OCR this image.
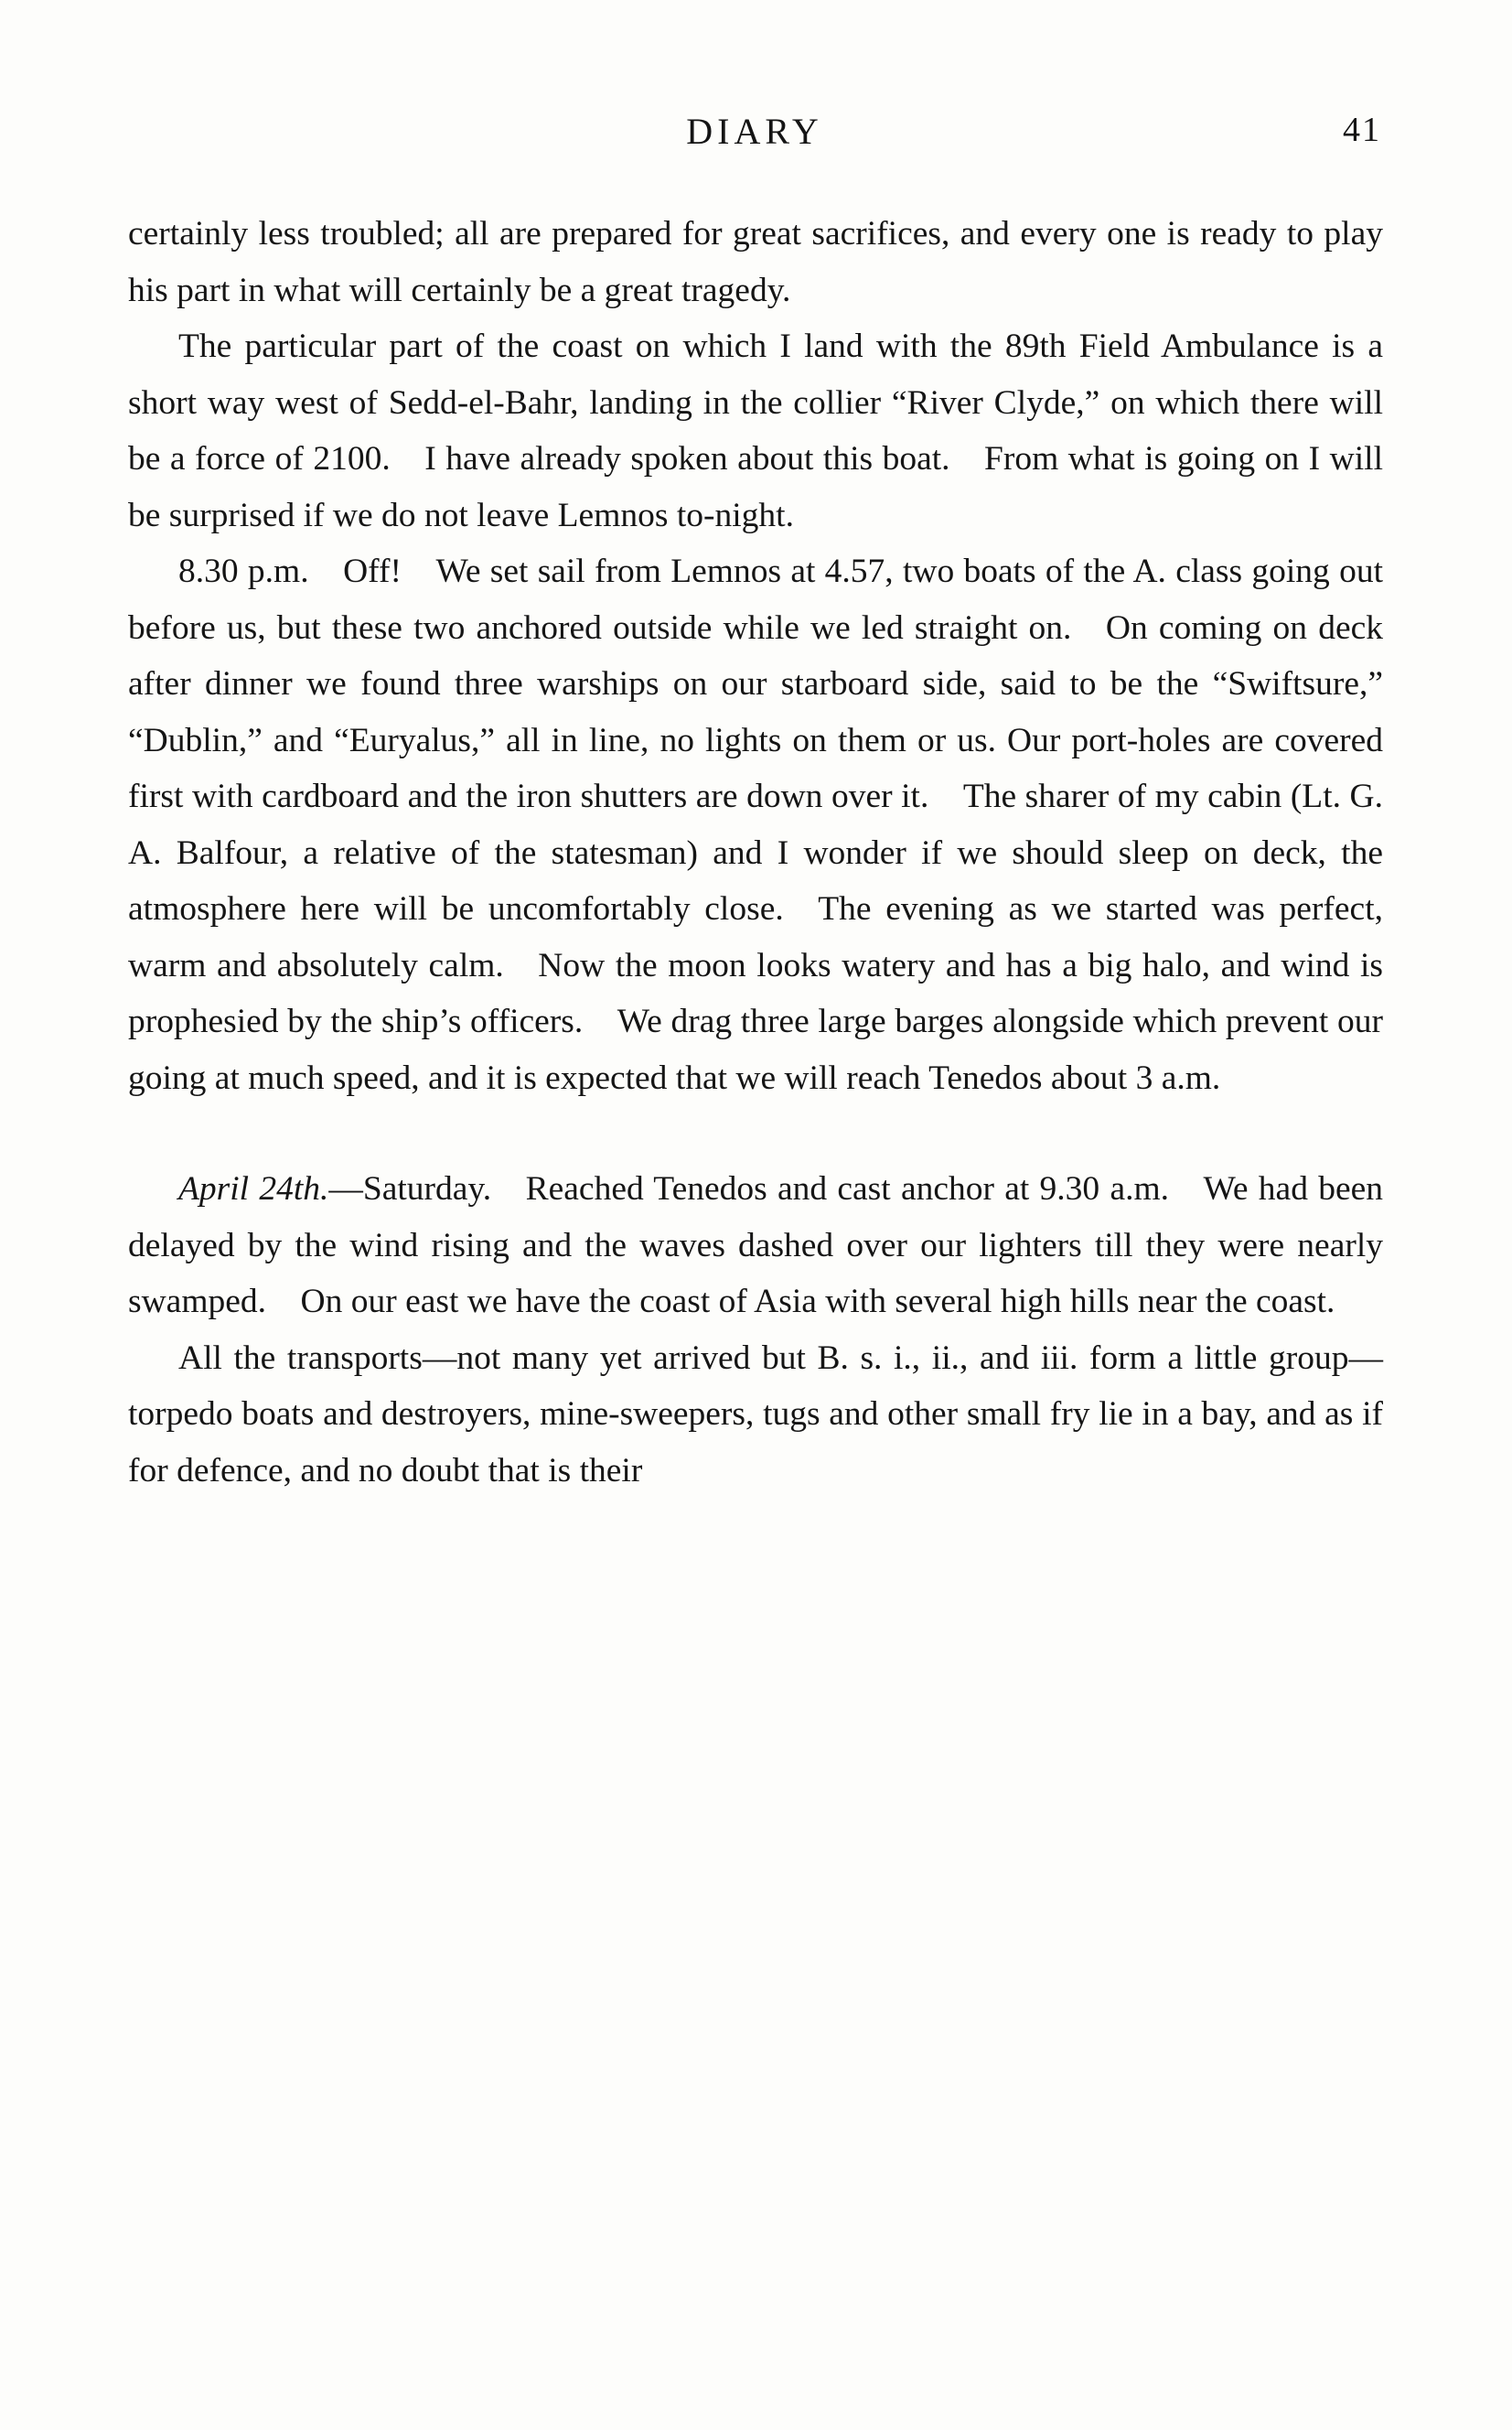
DIARY	41

certainly less troubled; all are prepared for great sacrifices, and every one is ready to play his part in what will certainly be a great tragedy.

The particular part of the coast on which I land with the 89th Field Ambulance is a short way west of Sedd-el-Bahr, landing in the collier “River Clyde,” on which there will be a force of 2100. I have already spoken about this boat. From what is going on I will be surprised if we do not leave Lemnos to-night.

8.30 p.m. Off! We set sail from Lemnos at 4.57, two boats of the A. class going out before us, but these two anchored outside while we led straight on. On coming on deck after dinner we found three warships on our starboard side, said to be the “Swiftsure,” “Dublin,” and “Euryalus,” all in line, no lights on them or us. Our port-holes are covered first with cardboard and the iron shutters are down over it. The sharer of my cabin (Lt. G. A. Balfour, a relative of the statesman) and I wonder if we should sleep on deck, the atmosphere here will be uncomfortably close. The evening as we started was perfect, warm and absolutely calm. Now the moon looks watery and has a big halo, and wind is prophesied by the ship’s officers. We drag three large barges alongside which prevent our going at much speed, and it is expected that we will reach Tenedos about 3 a.m.

April 24th.—Saturday. Reached Tenedos and cast anchor at 9.30 a.m. We had been delayed by the wind rising and the waves dashed over our lighters till they were nearly swamped. On our east we have the coast of Asia with several high hills near the coast.

All the transports—not many yet arrived but B. s. i., ii., and iii. form a little group—torpedo boats and destroyers, mine-sweepers, tugs and other small fry lie in a bay, and as if for defence, and no doubt that is their
